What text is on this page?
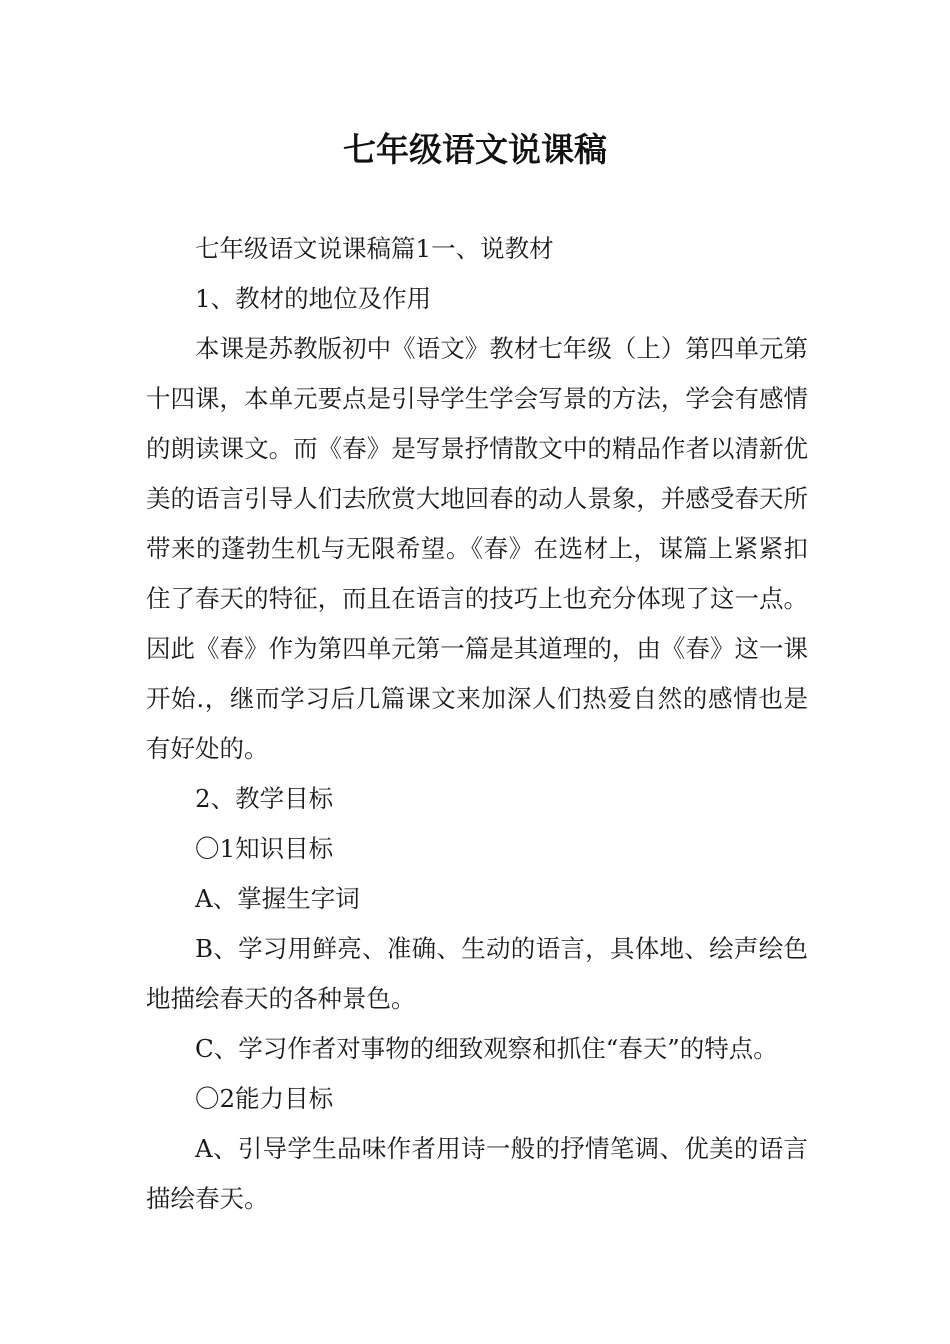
七年级语文说课稿

七年级语文说课稿篇1一、说教材

1、教材的地位及作用

本课是苏教版初中《语文》教材七年级（上）第四单元第十四课，本单元要点是引导学生学会写景的方法，学会有感情的朗读课文。而《春》是写景抒情散文中的精品作者以清新优美的语言引导人们去欣赏大地回春的动人景象，并感受春天所带来的蓬勃生机与无限希望。《春》在选材上，谋篇上紧紧扣住了春天的特征，而且在语言的技巧上也充分体现了这一点。因此《春》作为第四单元第一篇是其道理的，由《春》这一课开始.，继而学习后几篇课文来加深人们热爱自然的感情也是有好处的。

2、教学目标

〇1知识目标

A、掌握生字词

B、学习用鲜亮、准确、生动的语言，具体地、绘声绘色地描绘春天的各种景色。

C、学习作者对事物的细致观察和抓住“春天”的特点。

〇2能力目标

A、引导学生品味作者用诗一般的抒情笔调、优美的语言描绘春天。
